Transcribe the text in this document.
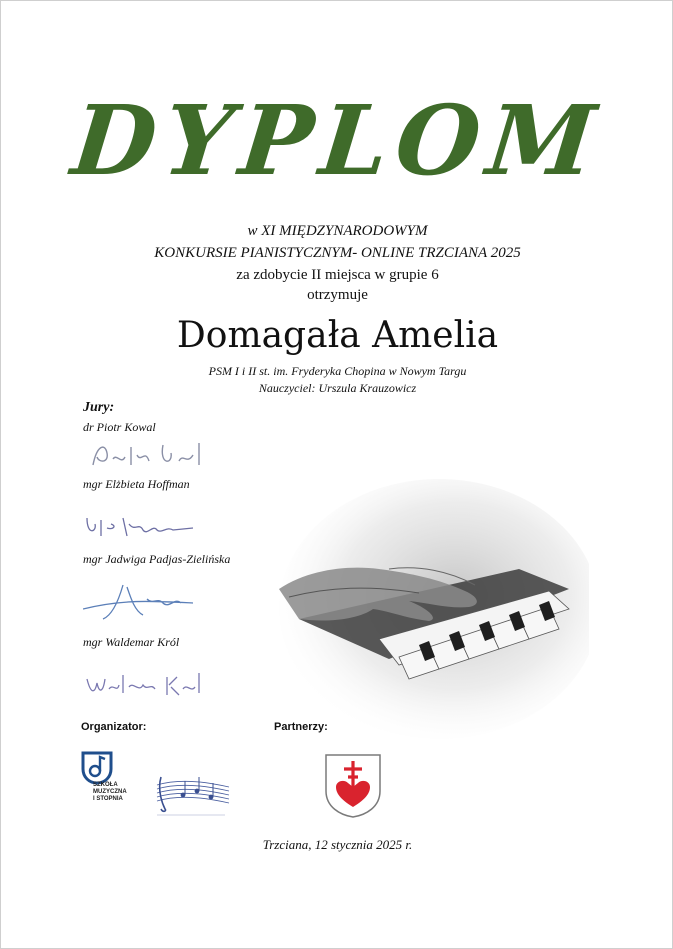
DYPLOM
w XI MIĘDZYNARODOWYM
KONKURSIE PIANISTYCZNYM- ONLINE TRZCIANA 2025
za zdobycie II miejsca w grupie 6
otrzymuje
Domagała Amelia
PSM I i II st. im. Fryderyka Chopina w Nowym Targu
Nauczyciel: Urszula Krauzowicz
Jury:
dr Piotr Kowal
mgr Elżbieta Hoffman
mgr Jadwiga Padjas-Zielińska
mgr Waldemar Król
Organizator:	Partnerzy:
SZKOŁA MUZYCZNA I STOPNIA
Trzciana, 12 stycznia 2025 r.
